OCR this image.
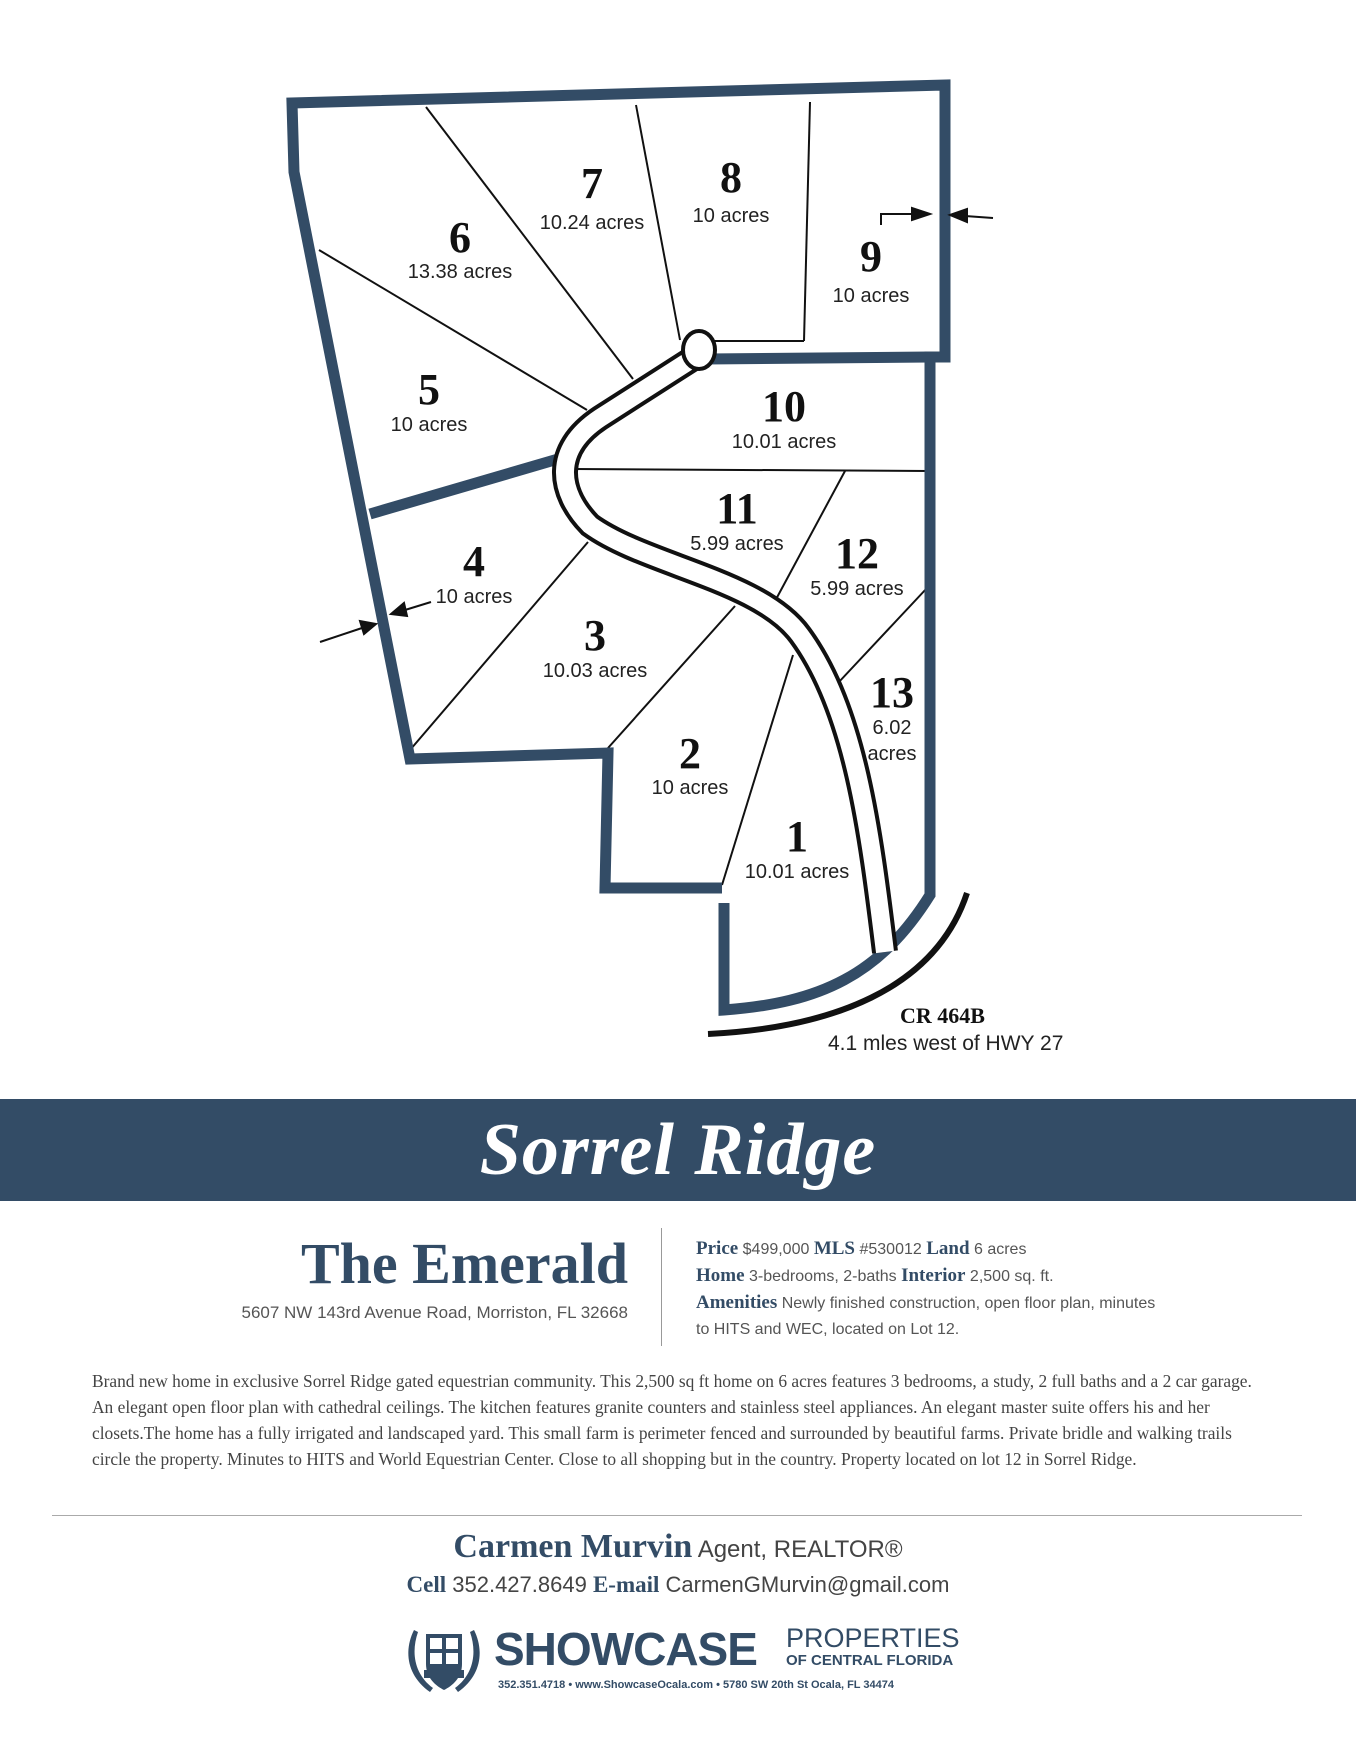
1
10.01 acres
2
10 acres
3
10.03 acres
4
10 acres
5
10 acres
6
13.38 acres
7
10.24 acres
8
10 acres
9
10 acres
10
10.01 acres
11
5.99 acres 12
5.99 acres
13
6.02
acres
CR 464B
4.1 mles west of HWY 27
Sorrel Ridge
The Emerald
5607 NW 143rd Avenue Road, Morriston, FL 32668
Price $499,000 MLS #530012 Land 6 acres
Home 3-bedrooms, 2-baths Interior 2,500 sq. ft.
Amenities Newly finished construction, open floor plan, minutes to HITS and WEC, located on Lot 12.
Brand new home in exclusive Sorrel Ridge gated equestrian community. This 2,500 sq ft home on 6 acres features 3 bedrooms, a study, 2 full baths and a 2 car garage. An elegant open floor plan with cathedral ceilings. The kitchen features granite counters and stainless steel appliances. An elegant master suite offers his and her closets.The home has a fully irrigated and landscaped yard. This small farm is perimeter fenced and surrounded by beautiful farms. Private bridle and walking trails circle the property. Minutes to HITS and World Equestrian Center. Close to all shopping but in the country. Property located on lot 12 in Sorrel Ridge.
Carmen Murvin Agent, REALTOR®
Cell 352.427.8649 E-mail CarmenGMurvin@gmail.com
SHOWCASE PROPERTIES
OF CENTRAL FLORIDA
352.351.4718 • www.ShowcaseOcala.com • 5780 SW 20th St Ocala, FL 34474
